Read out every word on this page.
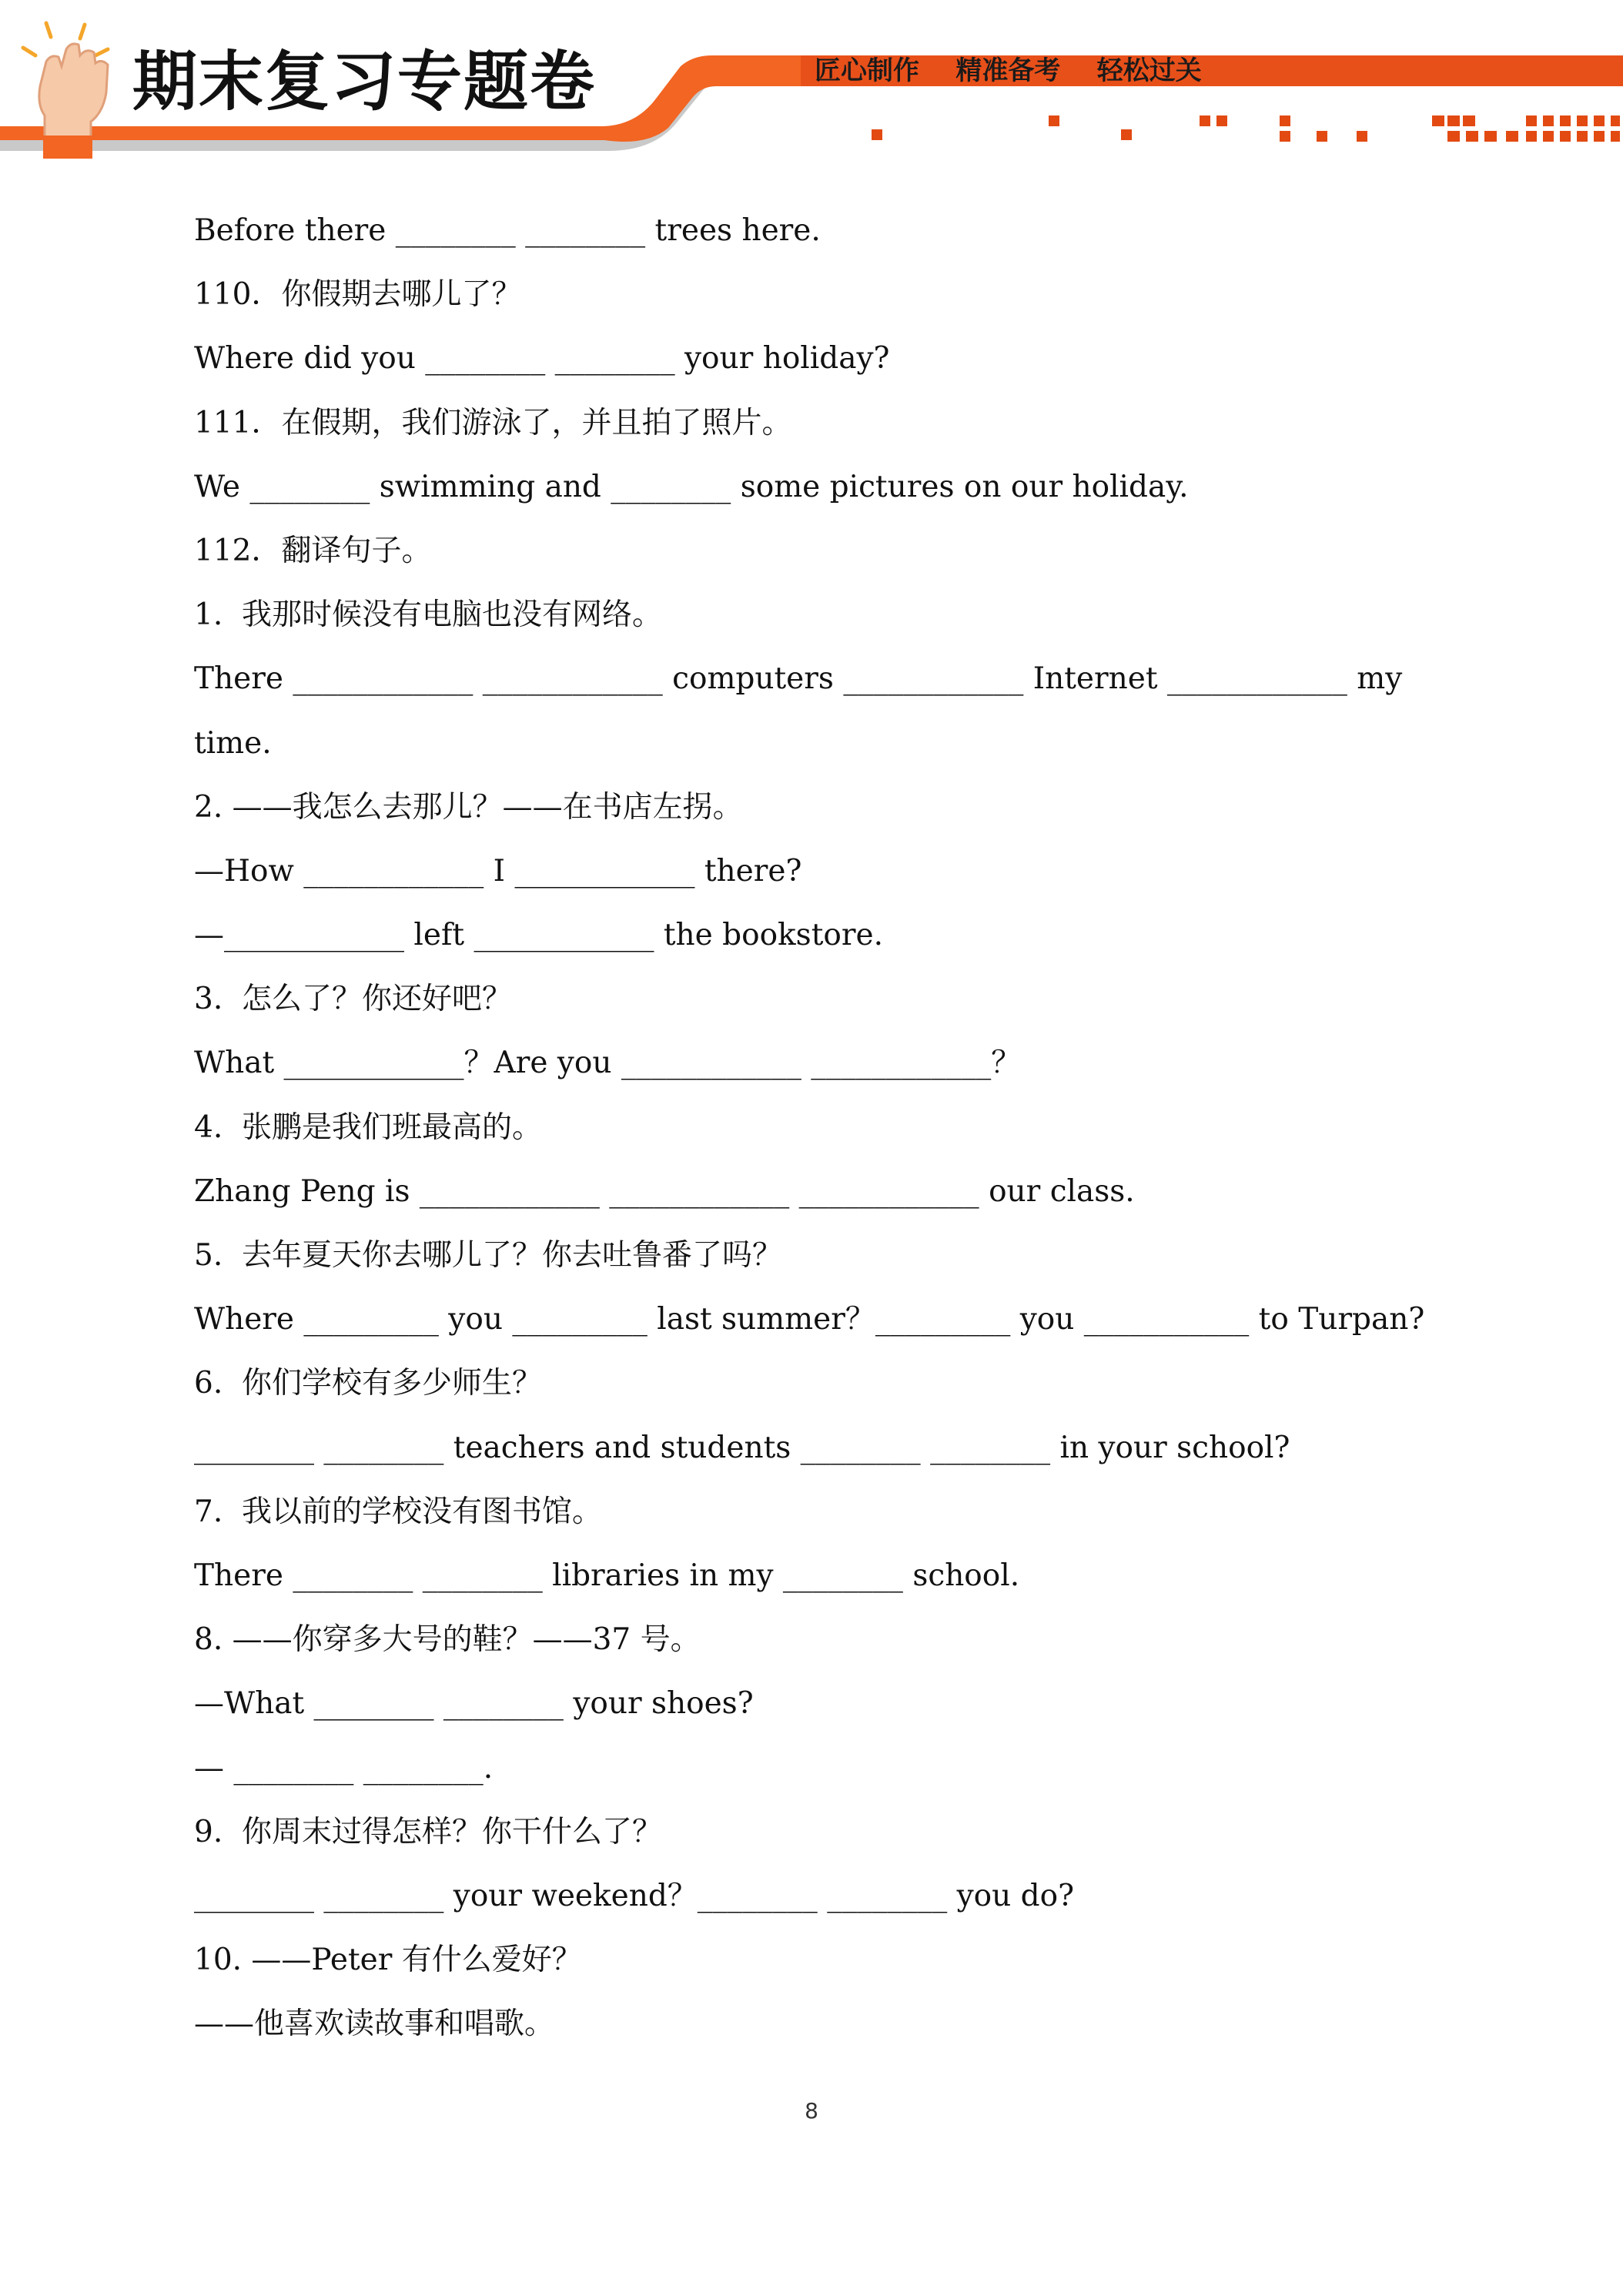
期末复习专题卷	匠心制作    精准备考    轻松过关
Before there ________ ________ trees here.
110．你假期去哪儿了？
Where did you ________ ________ your holiday?
111．在假期，我们游泳了，并且拍了照片。
We ________ swimming and ________ some pictures on our holiday.
112．翻译句子。
1.  我那时候没有电脑也没有网络。
There ____________ ____________ computers ____________ Internet ____________ my
time.
2. ——我怎么去那儿？——在书店左拐。
—How ____________ I ____________ there?
—____________ left ____________ the bookstore.
3.  怎么了？你还好吧？
What ____________？Are you ____________ ____________？
4.  张鹏是我们班最高的。
Zhang Peng is ____________ ____________ ____________ our class.
5.  去年夏天你去哪儿了？你去吐鲁番了吗？
Where _________ you _________ last summer？_________ you ___________ to Turpan?
6.  你们学校有多少师生？
________ ________ teachers and students ________ ________ in your school?
7.  我以前的学校没有图书馆。
There ________ ________ libraries in my ________ school.
8. ——你穿多大号的鞋？——37 号。
—What ________ ________ your shoes?
— ________ ________.
9.  你周末过得怎样？你干什么了？
________ ________ your weekend？________ ________ you do?
10. ——Peter 有什么爱好？
——他喜欢读故事和唱歌。
8
